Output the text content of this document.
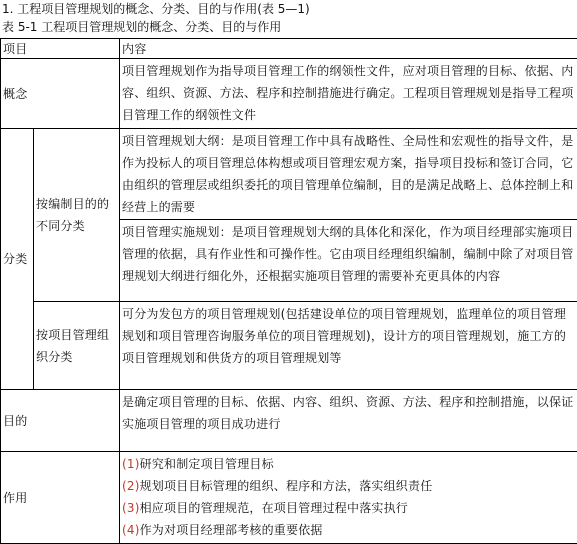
1. 工程项目管理规划的概念、分类、目的与作用(表 5—1)
表 5-1 工程项目管理规划的概念、分类、目的与作用
项目		内容
概念		项目管理规划作为指导项目管理工作的纲领性文件，应对项目管理的目标、依据、内容、组织、资源、方法、程序和控制措施进行确定。工程项目管理规划是指导工程项目管理工作的纲领性文件
分类	按编制目的的不同分类	项目管理规划大纲：是项目管理工作中具有战略性、全局性和宏观性的指导文件，是作为投标人的项目管理总体构想或项目管理宏观方案，指导项目投标和签订合同，它由组织的管理层或组织委托的项目管理单位编制，目的是满足战略上、总体控制上和经营上的需要
		项目管理实施规划：是项目管理规划大纲的具体化和深化，作为项目经理部实施项目管理的依据，具有作业性和可操作性。它由项目经理组织编制，编制中除了对项目管理规划大纲进行细化外，还根据实施项目管理的需要补充更具体的内容
	按项目管理组织分类	可分为发包方的项目管理规划(包括建设单位的项目管理规划，监理单位的项目管理规划和项目管理咨询服务单位的项目管理规划)，设计方的项目管理规划，施工方的项目管理规划和供货方的项目管理规划等
目的		是确定项目管理的目标、依据、内容、组织、资源、方法、程序和控制措施，以保证实施项目管理的项目成功进行
作用		(1)研究和制定项目管理目标
(2)规划项目目标管理的组织、程序和方法，落实组织责任
(3)相应项目的管理规范，在项目管理过程中落实执行
(4)作为对项目经理部考核的重要依据
